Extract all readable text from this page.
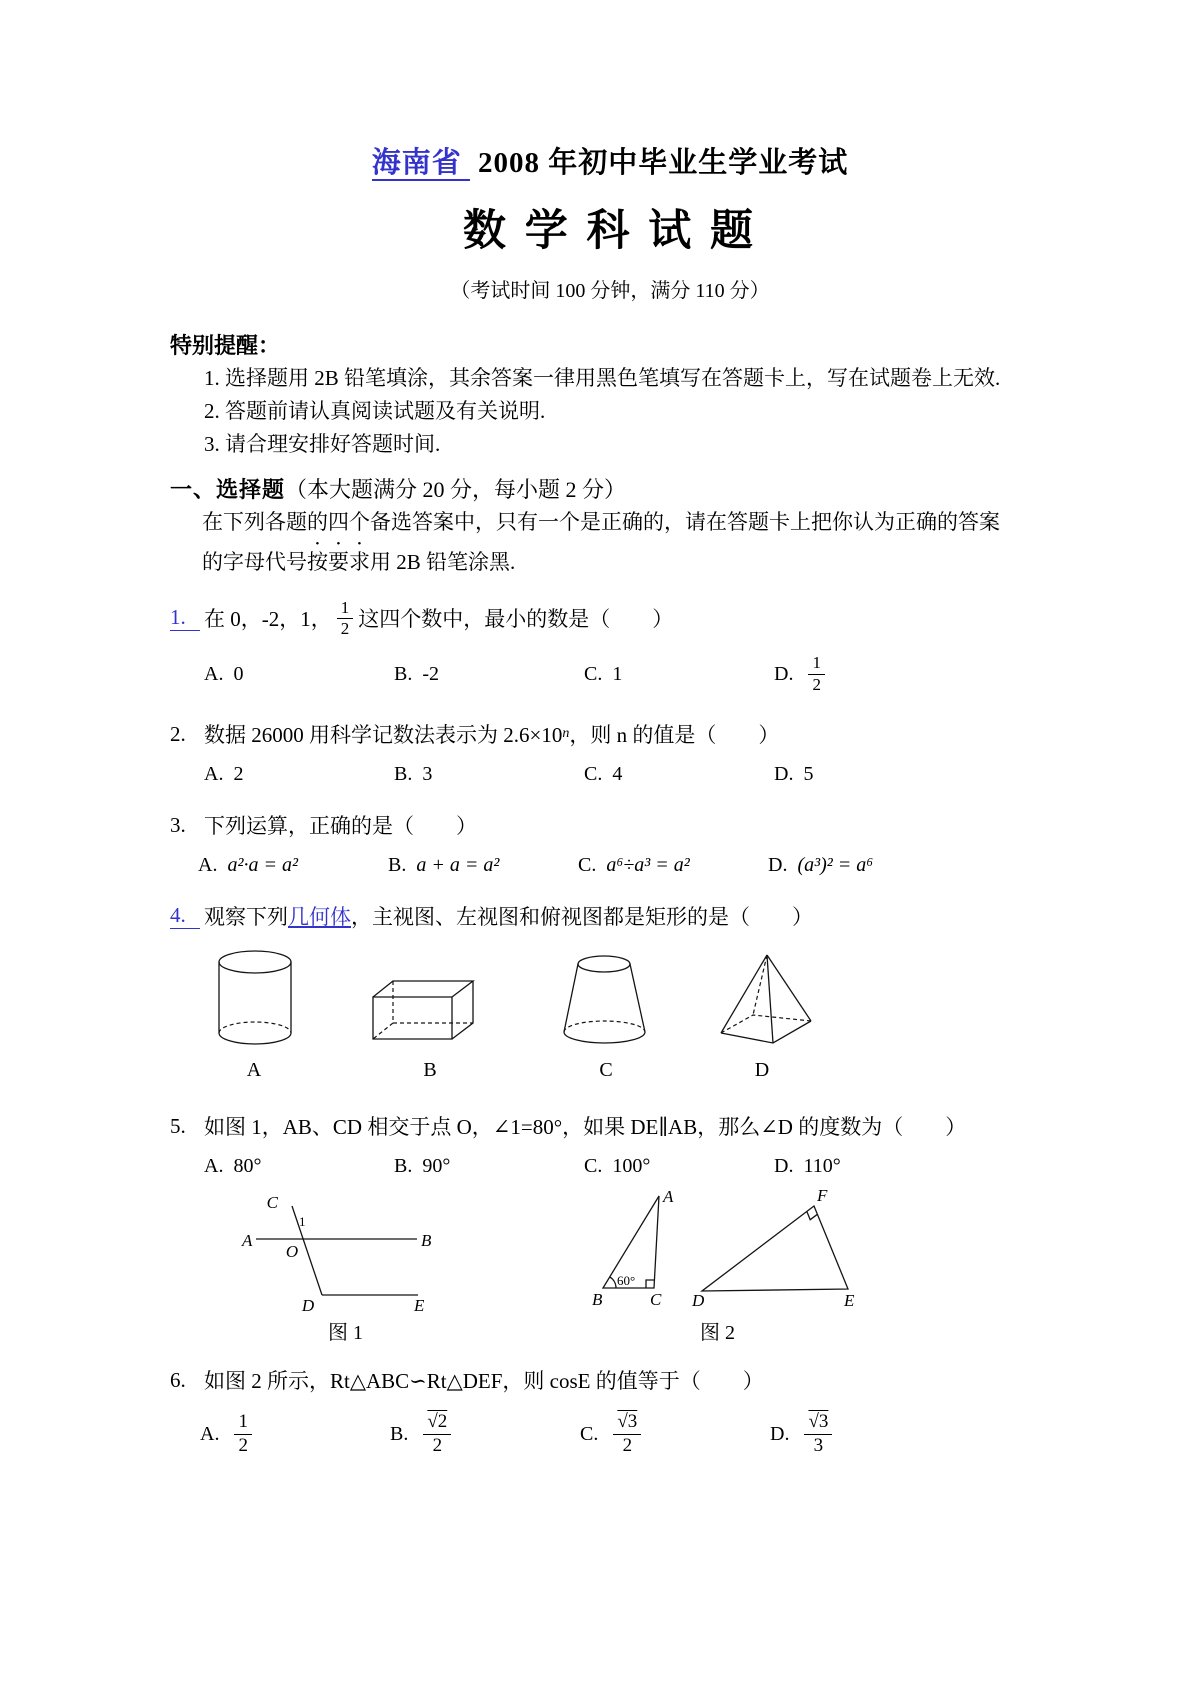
海南省 2008 年初中毕业生学业考试
数 学 科 试 题
（考试时间 100 分钟，满分 110 分）
特别提醒：
1. 选择题用 2B 铅笔填涂，其余答案一律用黑色笔填写在答题卡上，写在试题卷上无效.
2. 答题前请认真阅读试题及有关说明.
3. 请合理安排好答题时间.
一、选择题（本大题满分 20 分，每小题 2 分）
在下列各题的四个备选答案中，只有一个是正确的，请在答题卡上把你认为正确的答案
的字母代号按要求用 2B 铅笔涂黑.
1. 在 0，-2，1， $\frac{1}{2}$ 这四个数中，最小的数是（　　）
A. 0	B. -2	C. 1	D. $\frac{1}{2}$
2. 数据 26000 用科学记数法表示为 2.6×10 n ，则 n 的值是（　　）
A. 2	B. 3	C. 4	D. 5
3. 下列运算，正确的是（　　）
A. a²·a = a²	B. a + a = a²	C. a⁶÷a³ = a²	D. (a³)² = a⁶
4. 观察下列 几何体 ，主视图、左视图和俯视图都是矩形的是（　　）
A	B	C	D
5. 如图 1，AB、CD 相交于点 O，∠1=80°，如果 DE∥AB，那么∠D 的度数为（　　）
A. 80°	B. 90°	C. 100°	D. 110°
C
1
A
O
B
D	E
60°
A
B	C
F
D	E
图 1	图 2
6. 如图 2 所示，Rt△ABC∽Rt△DEF，则 cosE 的值等于（　　）
A. $\frac{1}{2}$	B. $\frac{√2}{2}$	C. $\frac{√3}{2}$	D. $\frac{√3}{3}$
